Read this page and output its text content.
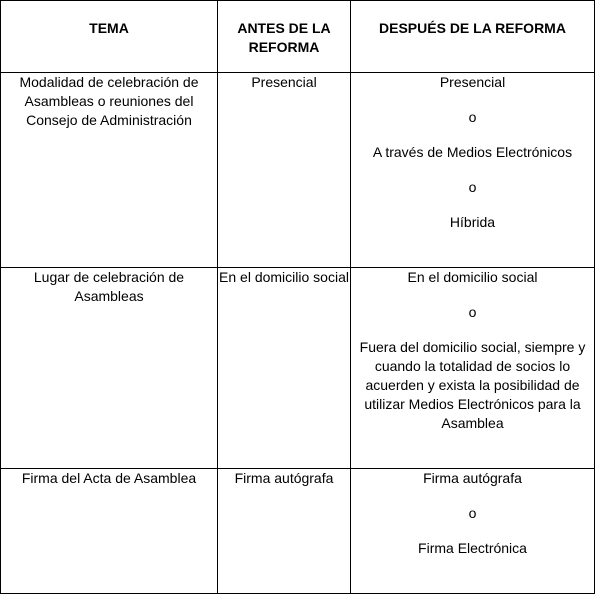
TEMA	ANTES DE LA REFORMA	DESPUÉS DE LA REFORMA
Modalidad de celebración de Asambleas o reuniones del Consejo de Administración	Presencial	Presencial

o

A través de Medios Electrónicos

o

Híbrida

Lugar de celebración de Asambleas	En el domicilio social	En el domicilio social

o

Fuera del domicilio social, siempre y cuando la totalidad de socios lo acuerden y exista la posibilidad de utilizar Medios Electrónicos para la Asamblea

Firma del Acta de Asamblea	Firma autógrafa	Firma autógrafa

o

Firma Electrónica
